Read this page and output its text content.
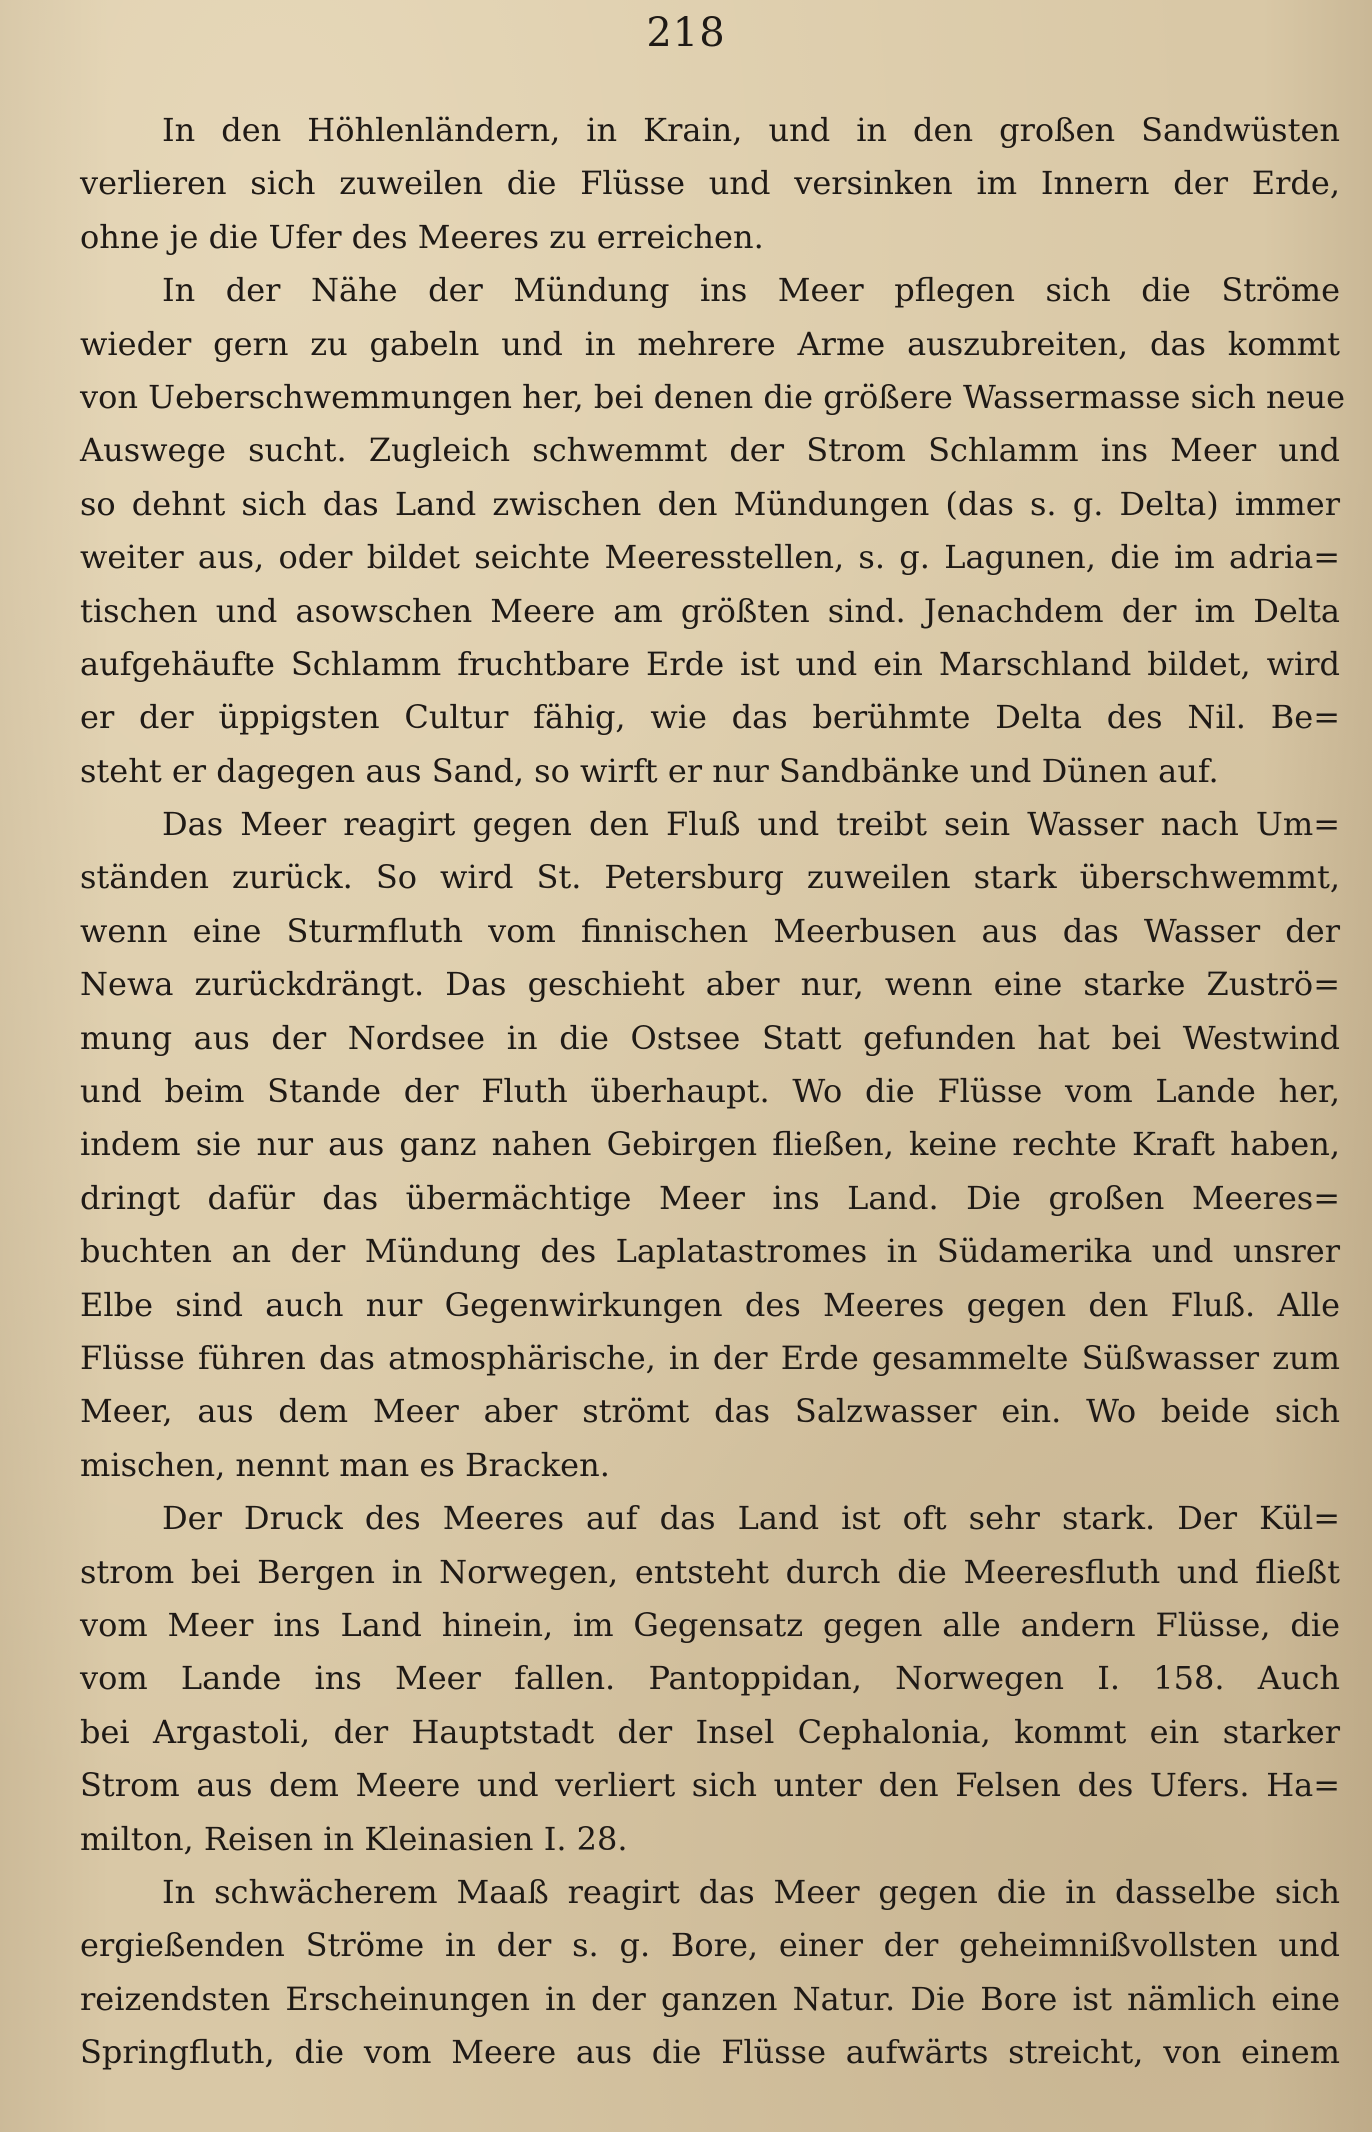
218
In den Höhlenländern, in Krain, und in den großen Sandwüsten
verlieren sich zuweilen die Flüsse und versinken im Innern der Erde,
ohne je die Ufer des Meeres zu erreichen.
In der Nähe der Mündung ins Meer pflegen sich die Ströme
wieder gern zu gabeln und in mehrere Arme auszubreiten, das kommt
von Ueberschwemmungen her, bei denen die größere Wassermasse sich neue
Auswege sucht. Zugleich schwemmt der Strom Schlamm ins Meer und
so dehnt sich das Land zwischen den Mündungen (das s. g. Delta) immer
weiter aus, oder bildet seichte Meeresstellen, s. g. Lagunen, die im adria=
tischen und asowschen Meere am größten sind. Jenachdem der im Delta
aufgehäufte Schlamm fruchtbare Erde ist und ein Marschland bildet, wird
er der üppigsten Cultur fähig, wie das berühmte Delta des Nil. Be=
steht er dagegen aus Sand, so wirft er nur Sandbänke und Dünen auf.
Das Meer reagirt gegen den Fluß und treibt sein Wasser nach Um=
ständen zurück. So wird St. Petersburg zuweilen stark überschwemmt,
wenn eine Sturmfluth vom finnischen Meerbusen aus das Wasser der
Newa zurückdrängt. Das geschieht aber nur, wenn eine starke Zuströ=
mung aus der Nordsee in die Ostsee Statt gefunden hat bei Westwind
und beim Stande der Fluth überhaupt. Wo die Flüsse vom Lande her,
indem sie nur aus ganz nahen Gebirgen fließen, keine rechte Kraft haben,
dringt dafür das übermächtige Meer ins Land. Die großen Meeres=
buchten an der Mündung des Laplatastromes in Südamerika und unsrer
Elbe sind auch nur Gegenwirkungen des Meeres gegen den Fluß. Alle
Flüsse führen das atmosphärische, in der Erde gesammelte Süßwasser zum
Meer, aus dem Meer aber strömt das Salzwasser ein. Wo beide sich
mischen, nennt man es Bracken.
Der Druck des Meeres auf das Land ist oft sehr stark. Der Kül=
strom bei Bergen in Norwegen, entsteht durch die Meeresfluth und fließt
vom Meer ins Land hinein, im Gegensatz gegen alle andern Flüsse, die
vom Lande ins Meer fallen. Pantoppidan, Norwegen I. 158. Auch
bei Argastoli, der Hauptstadt der Insel Cephalonia, kommt ein starker
Strom aus dem Meere und verliert sich unter den Felsen des Ufers. Ha=
milton, Reisen in Kleinasien I. 28.
In schwächerem Maaß reagirt das Meer gegen die in dasselbe sich
ergießenden Ströme in der s. g. Bore, einer der geheimnißvollsten und
reizendsten Erscheinungen in der ganzen Natur. Die Bore ist nämlich eine
Springfluth, die vom Meere aus die Flüsse aufwärts streicht, von einem
